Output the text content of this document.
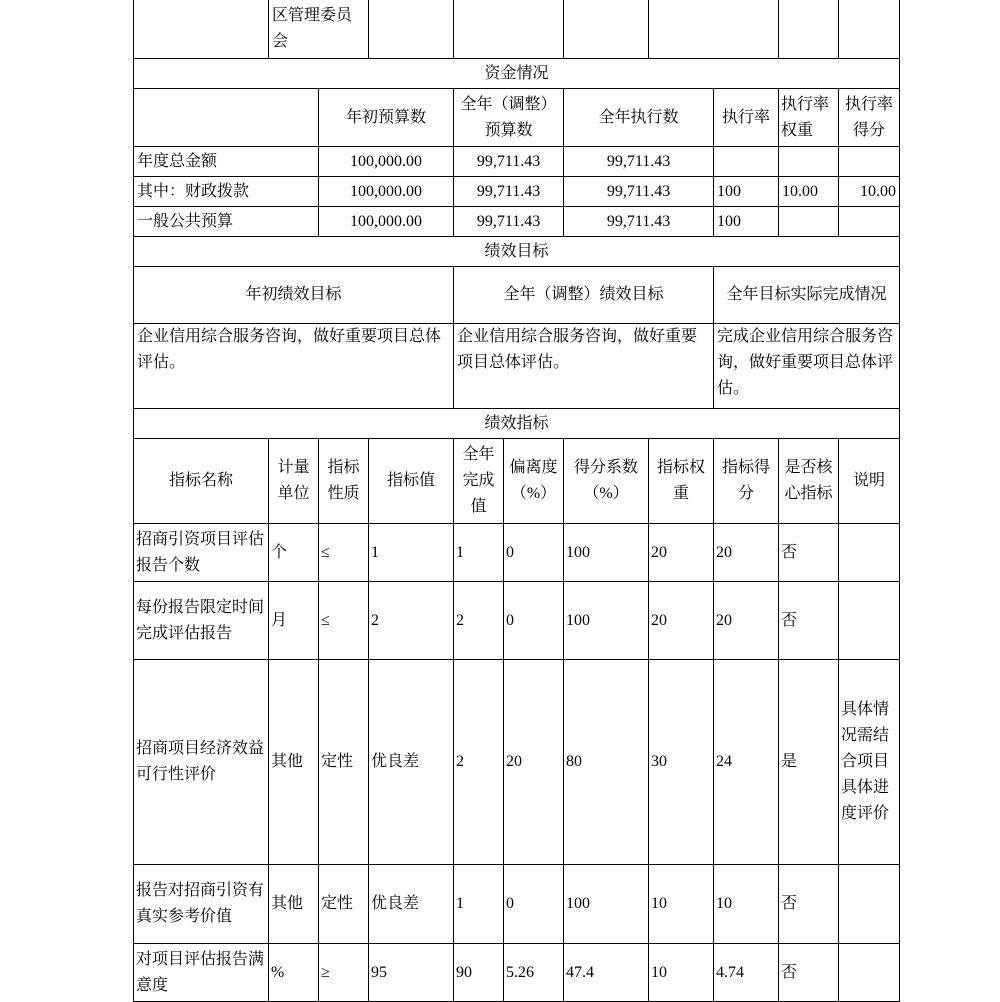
	区管理委员会									
资金情况										
		年初预算数		全年（调整）预算数		全年执行数		执行率	执行率权重	执行率得分
年度总金额		100,000.00		99,711.43		99,711.43				
其中：财政拨款		100,000.00		99,711.43		99,711.43		100	10.00	10.00
一般公共预算		100,000.00		99,711.43		99,711.43		100		
绩效目标										
年初绩效目标				全年（调整）绩效目标				全年目标实际完成情况		
企业信用综合服务咨询，做好重要项目总体评估。				企业信用综合服务咨询，做好重要项目总体评估。				完成企业信用综合服务咨询，做好重要项目总体评估。		
绩效指标										
指标名称	计量单位	指标性质	指标值	全年完成值	偏离度（%）	得分系数（%）	指标权重	指标得分	是否核心指标	说明
招商引资项目评估报告个数	个	≤	1	1	0	100	20	20	否	
每份报告限定时间完成评估报告	月	≤	2	2	0	100	20	20	否	
招商项目经济效益可行性评价	其他	定性	优良差	2	20	80	30	24	是	具体情况需结合项目具体进度评价
报告对招商引资有真实参考价值	其他	定性	优良差	1	0	100	10	10	否	
对项目评估报告满意度	%	≥	95	90	5.26	47.4	10	4.74	否	
